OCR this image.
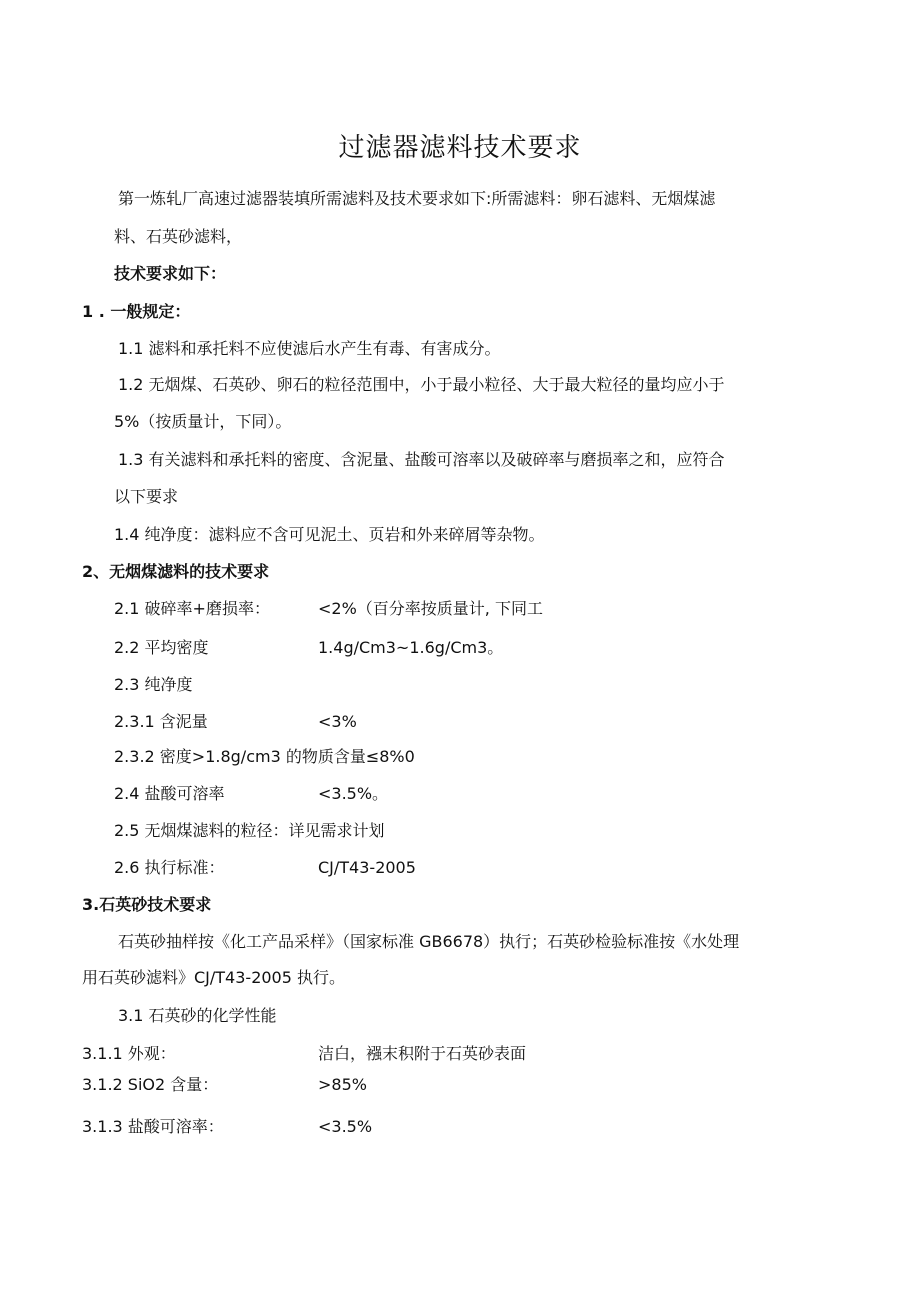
过滤器滤料技术要求
第一炼轧厂高速过滤器装填所需滤料及技术要求如下:所需滤料：卵石滤料、无烟煤滤
料、石英砂滤料，
技术要求如下：
1 . 一般规定：
1.1 滤料和承托料不应使滤后水产生有毒、有害成分。
1.2 无烟煤、石英砂、卵石的粒径范围中，小于最小粒径、大于最大粒径的量均应小于
5%（按质量计，下同）。
1.3 有关滤料和承托料的密度、含泥量、盐酸可溶率以及破碎率与磨损率之和，应符合
以下要求
1.4 纯净度：滤料应不含可见泥土、页岩和外来碎屑等杂物。
2、无烟煤滤料的技术要求
2.1 破碎率+磨损率：	<2%（百分率按质量计, 下同工
2.2 平均密度	1.4g/Cm3~1.6g/Cm3。
2.3 纯净度
2.3.1 含泥量	<3%
2.3.2 密度>1.8g/cm3 的物质含量≤8%0
2.4 盐酸可溶率	<3.5%。
2.5 无烟煤滤料的粒径：详见需求计划
2.6 执行标准：	CJ/T43-2005
3.石英砂技术要求
石英砂抽样按《化工产品采样》（国家标准 GB6678）执行；石英砂检验标准按《水处理
用石英砂滤料》CJ/T43-2005 执行。
3.1 石英砂的化学性能
3.1.1 外观：	洁白，襁末积附于石英砂表面
3.1.2 SiO2 含量：	>85%
3.1.3 盐酸可溶率：	<3.5%
